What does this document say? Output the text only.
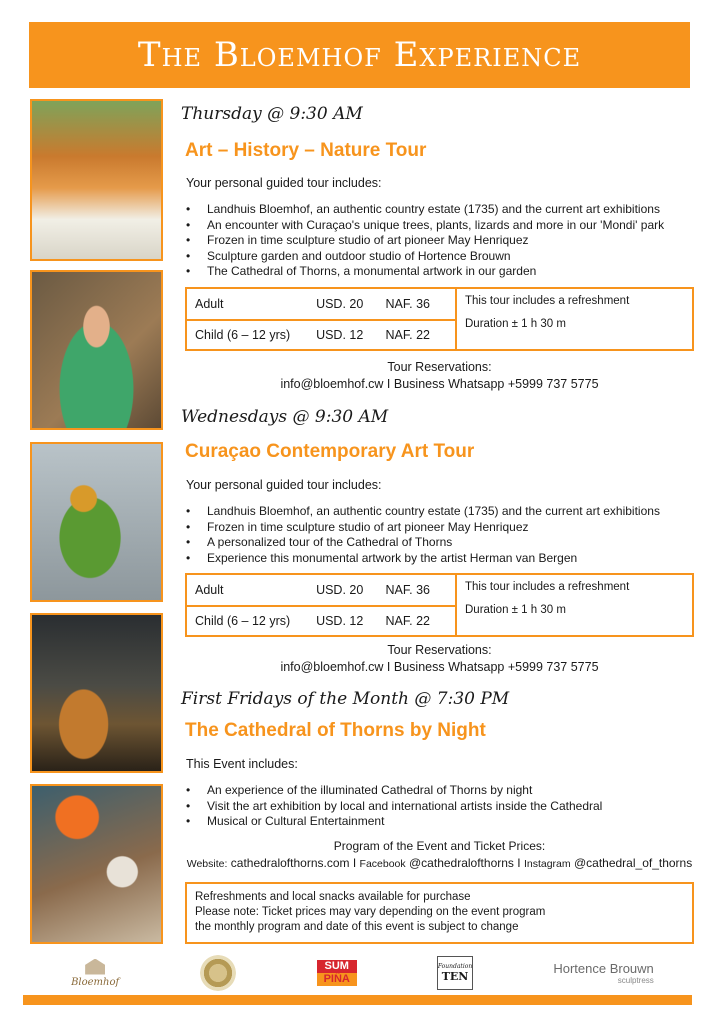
The Bloemhof Experience
Thursday @ 9:30 AM
Art – History – Nature Tour
Your personal guided tour includes:
• Landhuis Bloemhof, an authentic country estate (1735) and the current art exhibitions
• An encounter with Curaçao's unique trees, plants, lizards and more in our 'Mondi' park
• Frozen in time sculpture studio of art pioneer May Henriquez
• Sculpture garden and outdoor studio of Hortence Brouwn
• The Cathedral of Thorns, a monumental artwork in our garden
Adult	USD. 20	NAF. 36
Child (6 – 12 yrs)	USD. 12	NAF. 22
This tour includes a refreshment
Duration ± 1 h 30 m
Tour Reservations:
info@bloemhof.cw I Business Whatsapp +5999 737 5775
Wednesdays @ 9:30 AM
Curaçao Contemporary Art Tour
Your personal guided tour includes:
• Landhuis Bloemhof, an authentic country estate (1735) and the current art exhibitions
• Frozen in time sculpture studio of art pioneer May Henriquez
• A personalized tour of the Cathedral of Thorns
• Experience this monumental artwork by the artist Herman van Bergen
Adult	USD. 20	NAF. 36
Child (6 – 12 yrs)	USD. 12	NAF. 22
This tour includes a refreshment
Duration ± 1 h 30 m
Tour Reservations:
info@bloemhof.cw I Business Whatsapp +5999 737 5775
First Fridays of the Month @ 7:30 PM
The Cathedral of Thorns by Night
This Event includes:
• An experience of the illuminated Cathedral of Thorns by night
• Visit the art exhibition by local and international artists inside the Cathedral
• Musical or Cultural Entertainment
Program of the Event and Ticket Prices:
Website: cathedralofthorns.com I Facebook @cathedralofthorns I Instagram @cathedral_of_thorns
Refreshments and local snacks available for purchase
Please note: Ticket prices may vary depending on the event program
the monthly program and date of this event is subject to change
Bloemhof
SUM
PIÑA
Foundation
TEN
Hortence Brouwn
sculptress
